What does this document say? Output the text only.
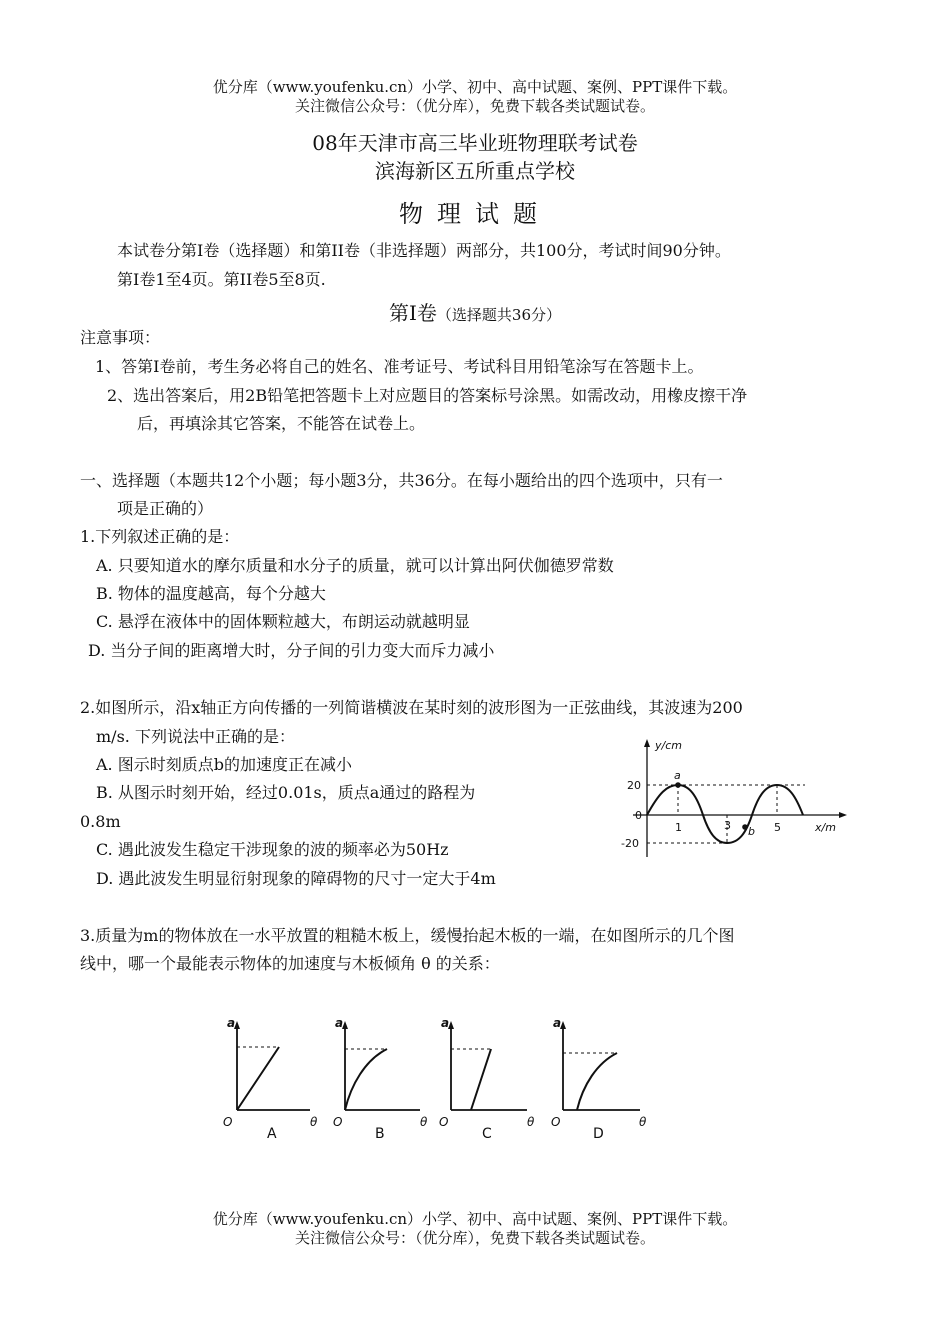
优分库（www.youfenku.cn）小学、初中、高中试题、案例、PPT课件下载。
关注微信公众号：（优分库），免费下载各类试题试卷。
08年天津市高三毕业班物理联考试卷
滨海新区五所重点学校
物理试题
本试卷分第Ⅰ卷（选择题）和第II卷（非选择题）两部分，共100分，考试时间90分钟。
第Ⅰ卷1至4页。第II卷5至8页.
第Ⅰ卷（选择题共36分）
注意事项：
1、答第Ⅰ卷前，考生务必将自己的姓名、准考证号、考试科目用铅笔涂写在答题卡上。
2、选出答案后，用2B铅笔把答题卡上对应题目的答案标号涂黑。如需改动，用橡皮擦干净
后，再填涂其它答案，不能答在试卷上。
一、选择题（本题共12个小题；每小题3分，共36分。在每小题给出的四个选项中，只有一
项是正确的）
1.下列叙述正确的是：
A. 只要知道水的摩尔质量和水分子的质量，就可以计算出阿伏伽德罗常数
B. 物体的温度越高，每个分越大
C. 悬浮在液体中的固体颗粒越大，布朗运动就越明显
D. 当分子间的距离增大时，分子间的引力变大而斥力减小
2.如图所示，沿x轴正方向传播的一列简谐横波在某时刻的波形图为一正弦曲线，其波速为200
m/s. 下列说法中正确的是：
A. 图示时刻质点b的加速度正在减小
B. 从图示时刻开始，经过0.01s，质点a通过的路程为
0.8m
C. 遇此波发生稳定干涉现象的波的频率必为50Hz
D. 遇此波发生明显衍射现象的障碍物的尺寸一定大于4m
y/cm
x/m
20
0
-20
1	3	5
a
b
3.质量为m的物体放在一水平放置的粗糙木板上，缓慢抬起木板的一端，在如图所示的几个图
线中，哪一个最能表示物体的加速度与木板倾角 θ 的关系：
a
O	θ
A
a
O	θ
B
a
O	θ
C
a
O	θ
D
优分库（www.youfenku.cn）小学、初中、高中试题、案例、PPT课件下载。
关注微信公众号：（优分库），免费下载各类试题试卷。
